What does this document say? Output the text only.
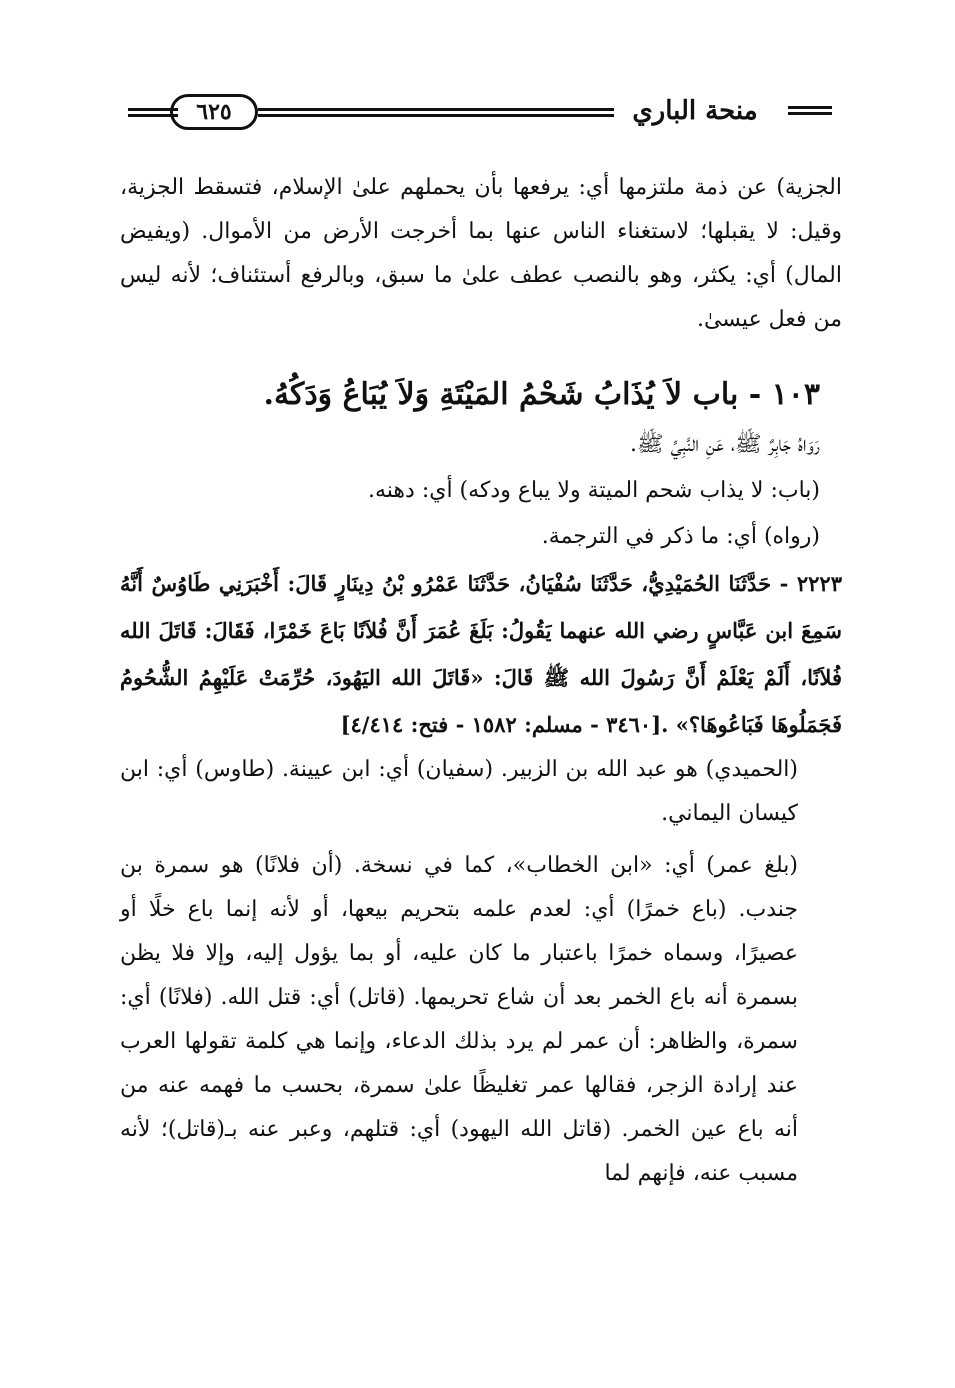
٦٢٥	منحة الباري

الجزية) عن ذمة ملتزمها أي: يرفعها بأن يحملهم علىٰ الإسلام، فتسقط الجزية، وقيل: لا يقبلها؛ لاستغناء الناس عنها بما أخرجت الأرض من الأموال. (ويفيض المال) أي: يكثر، وهو بالنصب عطف علىٰ ما سبق، وبالرفع أستئناف؛ لأنه ليس من فعل عيسىٰ.

١٠٣ - باب لاَ يُذَابُ شَحْمُ المَيْتَةِ وَلاَ يُبَاعُ وَدَكُهُ.

رَوَاهُ جَابِرٌ ﷺ، عَنِ النَّبِيِّ ﷺ.

(باب: لا يذاب شحم الميتة ولا يباع ودكه) أي: دهنه.

(رواه) أي: ما ذكر في الترجمة.

٢٢٢٣ - حَدَّثَنَا الحُمَيْدِيُّ، حَدَّثَنَا سُفْيَانُ، حَدَّثَنَا عَمْرُو بْنُ دِينَارٍ قَالَ: أَخْبَرَنِي طَاوُسٌ أَنَّهُ سَمِعَ ابن عَبَّاسٍ رضي الله عنهما يَقُولُ: بَلَغَ عُمَرَ أَنَّ فُلاَنًا بَاعَ خَمْرًا، فَقَالَ: قَاتَلَ الله فُلاَنًا، أَلَمْ يَعْلَمْ أَنَّ رَسُولَ الله ﷺ قَالَ: «قَاتَلَ الله اليَهُودَ، حُرِّمَتْ عَلَيْهِمُ الشُّحُومُ فَجَمَلُوهَا فَبَاعُوهَا؟» .[٣٤٦٠ - مسلم: ١٥٨٢ - فتح: ٤/٤١٤]

(الحميدي) هو عبد الله بن الزبير. (سفيان) أي: ابن عيينة. (طاوس) أي: ابن كيسان اليماني.

(بلغ عمر) أي: «ابن الخطاب»، كما في نسخة. (أن فلانًا) هو سمرة بن جندب. (باع خمرًا) أي: لعدم علمه بتحريم بيعها، أو لأنه إنما باع خلًا أو عصيرًا، وسماه خمرًا باعتبار ما كان عليه، أو بما يؤول إليه، وإلا فلا يظن بسمرة أنه باع الخمر بعد أن شاع تحريمها. (قاتل) أي: قتل الله. (فلانًا) أي: سمرة، والظاهر: أن عمر لم يرد بذلك الدعاء، وإنما هي كلمة تقولها العرب عند إرادة الزجر، فقالها عمر تغليظًا علىٰ سمرة، بحسب ما فهمه عنه من أنه باع عين الخمر. (قاتل الله اليهود) أي: قتلهم، وعبر عنه بـ(قاتل)؛ لأنه مسبب عنه، فإنهم لما
